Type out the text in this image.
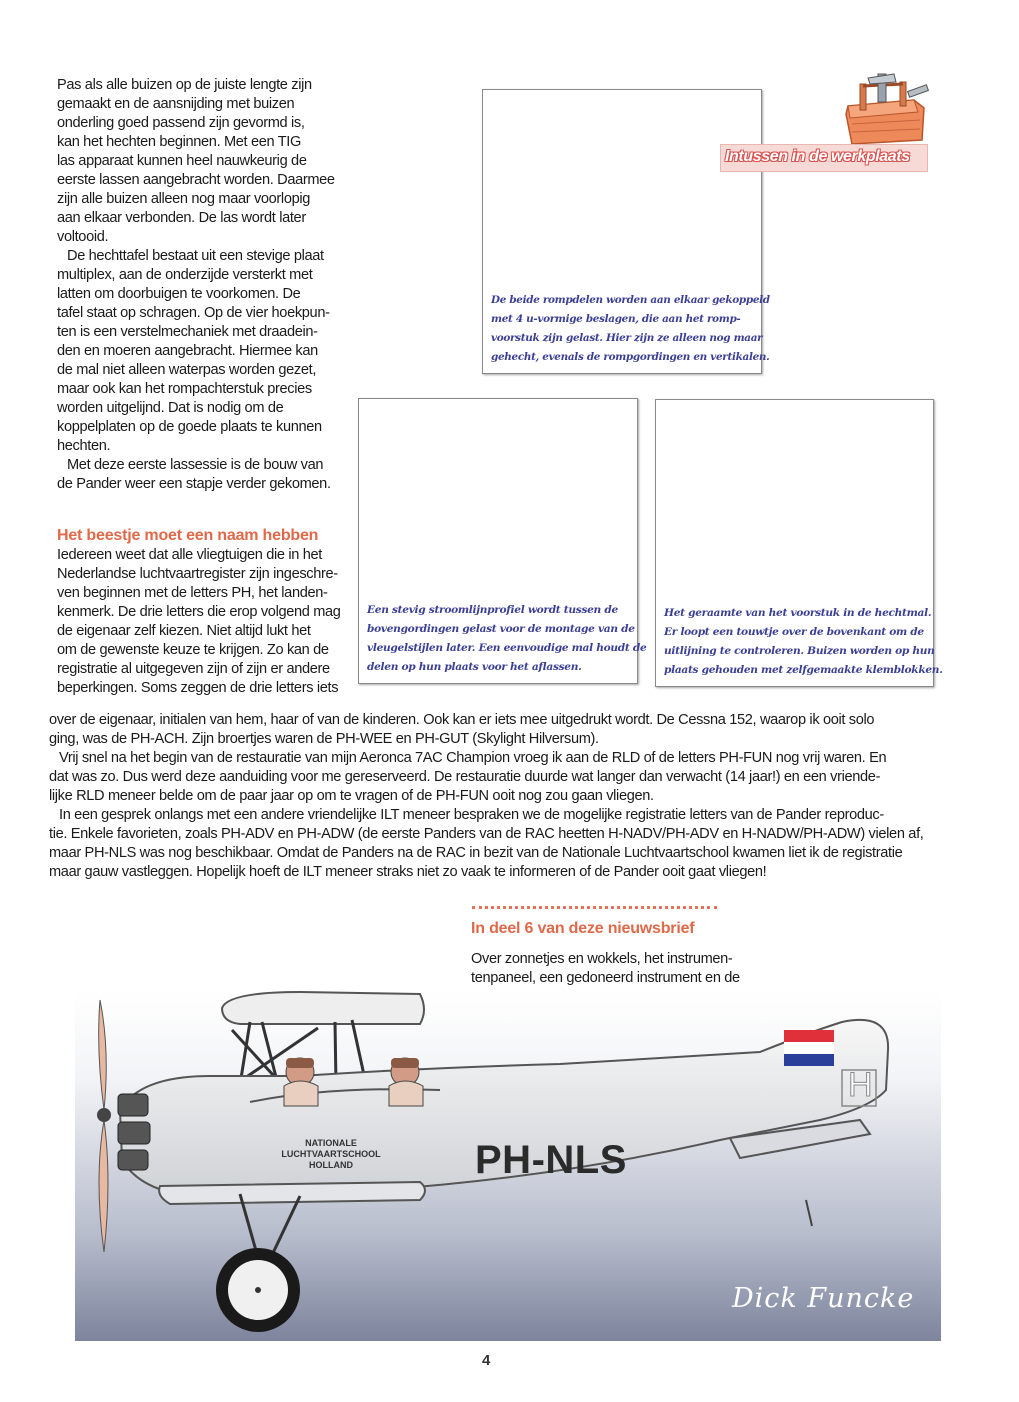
Pas als alle buizen op de juiste lengte zijn
gemaakt en de aansnijding met buizen
onderling goed passend zijn gevormd is,
kan het hechten beginnen. Met een TIG
las apparaat kunnen heel nauwkeurig de
eerste lassen aangebracht worden. Daarmee
zijn alle buizen alleen nog maar voorlopig
aan elkaar verbonden. De las wordt later
voltooid.
De hechttafel bestaat uit een stevige plaat
multiplex, aan de onderzijde versterkt met
latten om doorbuigen te voorkomen. De
tafel staat op schragen. Op de vier hoekpun-
ten is een verstelmechaniek met draadein-
den en moeren aangebracht. Hiermee kan
de mal niet alleen waterpas worden gezet,
maar ook kan het rompachterstuk precies
worden uitgelijnd. Dat is nodig om de
koppelplaten op de goede plaats te kunnen
hechten.
Met deze eerste lassessie is de bouw van
de Pander weer een stapje verder gekomen.
Het beestje moet een naam hebben
Iedereen weet dat alle vliegtuigen die in het
Nederlandse luchtvaartregister zijn ingeschre-
ven beginnen met de letters PH, het landen-
kenmerk. De drie letters die erop volgend mag
de eigenaar zelf kiezen. Niet altijd lukt het
om de gewenste keuze te krijgen. Zo kan de
registratie al uitgegeven zijn of zijn er andere
beperkingen. Soms zeggen de drie letters iets
over de eigenaar, initialen van hem, haar of van de kinderen. Ook kan er iets mee uitgedrukt wordt. De Cessna 152, waarop ik ooit solo
ging, was de PH-ACH. Zijn broertjes waren de PH-WEE en PH-GUT (Skylight Hilversum).
Vrij snel na het begin van de restauratie van mijn Aeronca 7AC Champion vroeg ik aan de RLD of de letters PH-FUN nog vrij waren. En
dat was zo. Dus werd deze aanduiding voor me gereserveerd. De restauratie duurde wat langer dan verwacht (14 jaar!) en een vriende-
lijke RLD meneer belde om de paar jaar op om te vragen of de PH-FUN ooit nog zou gaan vliegen.
In een gesprek onlangs met een andere vriendelijke ILT meneer bespraken we de mogelijke registratie letters van de Pander reproduc-
tie. Enkele favorieten, zoals PH-ADV en PH-ADW (de eerste Panders van de RAC heetten H-NADV/PH-ADV en H-NADW/PH-ADW) vielen af,
maar PH-NLS was nog beschikbaar. Omdat de Panders na de RAC in bezit van de Nationale Luchtvaartschool kwamen liet ik de registratie
maar gauw vastleggen. Hopelijk hoeft de ILT meneer straks niet zo vaak te informeren of de Pander ooit gaat vliegen!
De beide rompdelen worden aan elkaar gekoppeld
met 4 u-vormige beslagen, die aan het romp-
voorstuk zijn gelast. Hier zijn ze alleen nog maar
gehecht, evenals de rompgordingen en vertikalen.
Een stevig stroomlijnprofiel wordt tussen de
bovengordingen gelast voor de montage van de
vleugelstijlen later. Een eenvoudige mal houdt de
delen op hun plaats voor het aflassen.
Het geraamte van het voorstuk in de hechtmal.
Er loopt een touwtje over de bovenkant om de
uitlijning te controleren. Buizen worden op hun
plaats gehouden met zelfgemaakte klemblokken.
Intussen in de werkplaats
In deel 6 van deze nieuwsbrief
Over zonnetjes en wokkels, het instrumen-
tenpaneel, een gedoneerd instrument en de
PH-NLS
H
NATIONALE
LUCHTVAARTSCHOOL
HOLLAND
Dick Funcke
4
